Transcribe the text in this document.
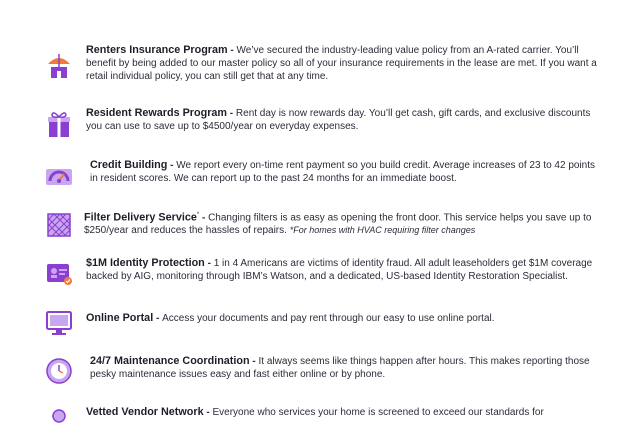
Renters Insurance Program - We’ve secured the industry-leading value policy from an A-rated carrier. You’ll benefit by being added to our master policy so all of your insurance requirements in the lease are met. If you want a retail individual policy, you can still get that at any time.
Resident Rewards Program - Rent day is now rewards day. You’ll get cash, gift cards, and exclusive discounts you can use to save up to $4500/year on everyday expenses.
Credit Building - We report every on-time rent payment so you build credit. Average increases of 23 to 42 points in resident scores. We can report up to the past 24 months for an immediate boost.
Filter Delivery Service* - Changing filters is as easy as opening the front door. This service helps you save up to $250/year and reduces the hassles of repairs. *For homes with HVAC requiring filter changes
$1M Identity Protection - 1 in 4 Americans are victims of identity fraud. All adult leaseholders get $1M coverage backed by AIG, monitoring through IBM’s Watson, and a dedicated, US-based Identity Restoration Specialist.
Online Portal - Access your documents and pay rent through our easy to use online portal.
24/7 Maintenance Coordination - It always seems like things happen after hours. This makes reporting those pesky maintenance issues easy and fast either online or by phone.
Vetted Vendor Network - Everyone who services your home is screened to exceed our standards for
